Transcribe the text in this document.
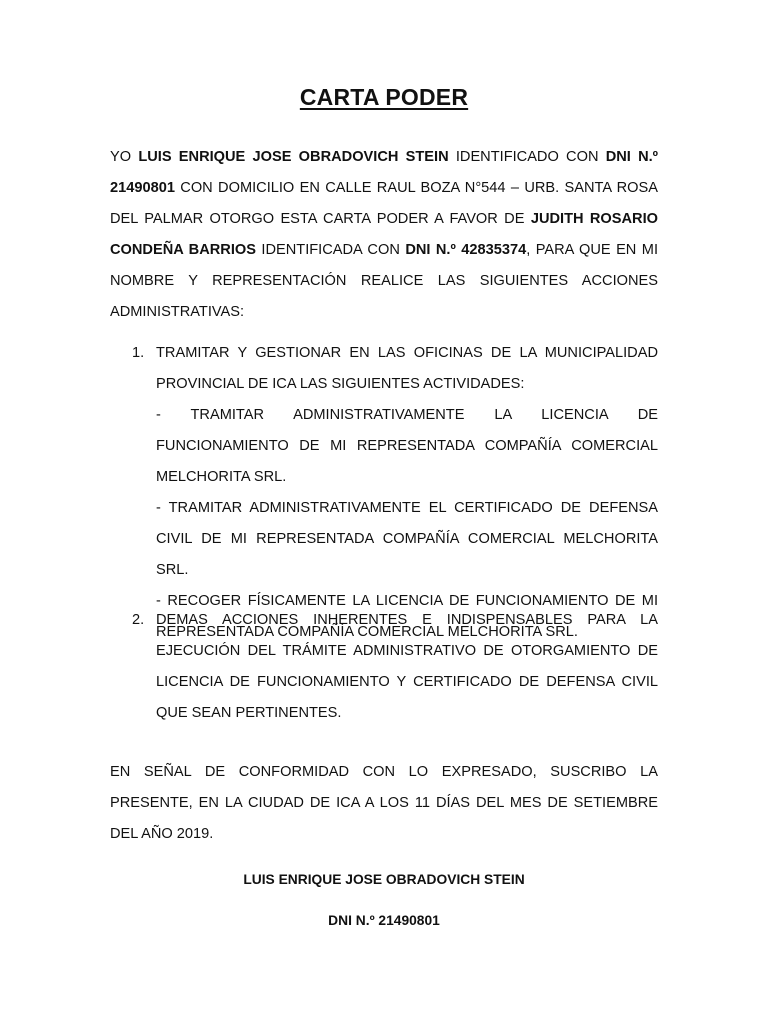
CARTA PODER
YO LUIS ENRIQUE JOSE OBRADOVICH STEIN IDENTIFICADO CON DNI N.º 21490801 CON DOMICILIO EN CALLE RAUL BOZA N°544 – URB. SANTA ROSA DEL PALMAR OTORGO ESTA CARTA PODER A FAVOR DE JUDITH ROSARIO CONDEÑA BARRIOS IDENTIFICADA CON DNI N.º 42835374, PARA QUE EN MI NOMBRE Y REPRESENTACIÓN REALICE LAS SIGUIENTES ACCIONES ADMINISTRATIVAS:
1. TRAMITAR Y GESTIONAR EN LAS OFICINAS DE LA MUNICIPALIDAD PROVINCIAL DE ICA LAS SIGUIENTES ACTIVIDADES:
- TRAMITAR ADMINISTRATIVAMENTE LA LICENCIA DE FUNCIONAMIENTO DE MI REPRESENTADA COMPAÑÍA COMERCIAL MELCHORITA SRL.
- TRAMITAR ADMINISTRATIVAMENTE EL CERTIFICADO DE DEFENSA CIVIL DE MI REPRESENTADA COMPAÑÍA COMERCIAL MELCHORITA SRL.
- RECOGER FÍSICAMENTE LA LICENCIA DE FUNCIONAMIENTO DE MI REPRESENTADA COMPAÑÍA COMERCIAL MELCHORITA SRL.
2. DEMAS ACCIONES INHERENTES E INDISPENSABLES PARA LA EJECUCIÓN DEL TRÁMITE ADMINISTRATIVO DE OTORGAMIENTO DE LICENCIA DE FUNCIONAMIENTO Y CERTIFICADO DE DEFENSA CIVIL QUE SEAN PERTINENTES.
EN SEÑAL DE CONFORMIDAD CON LO EXPRESADO, SUSCRIBO LA PRESENTE, EN LA CIUDAD DE ICA A LOS 11 DÍAS DEL MES DE SETIEMBRE DEL AÑO 2019.
LUIS ENRIQUE JOSE OBRADOVICH STEIN
DNI N.º 21490801
